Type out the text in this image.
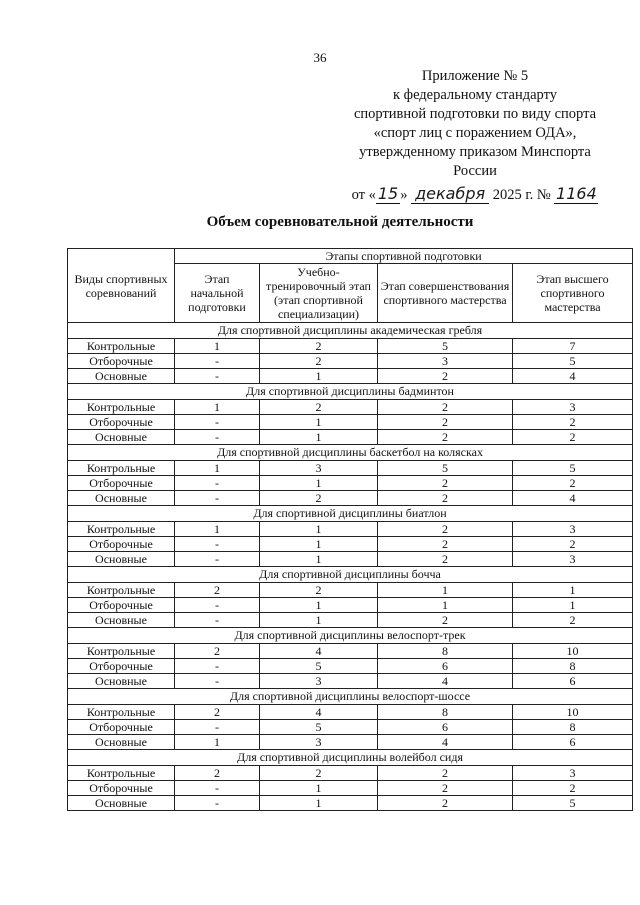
36
Приложение № 5
к федеральному стандарту
спортивной подготовки по виду спорта
«спорт лиц с поражением ОДА»,
утвержденному приказом Минспорта
России
от « 15 » декабря 2025 г. № 1164
Объем соревновательной деятельности
Виды спортивных соревнований	Этапы спортивной подготовки			
	Этап начальной подготовки	Учебно-тренировочный этап (этап спортивной специализации)	Этап совершенствования спортивного мастерства	Этап высшего спортивного мастерства
Для спортивной дисциплины академическая гребля				
Контрольные	1	2	5	7
Отборочные	-	2	3	5
Основные	-	1	2	4
Для спортивной дисциплины бадминтон				
Контрольные	1	2	2	3
Отборочные	-	1	2	2
Основные	-	1	2	2
Для спортивной дисциплины баскетбол на колясках				
Контрольные	1	3	5	5
Отборочные	-	1	2	2
Основные	-	2	2	4
Для спортивной дисциплины биатлон				
Контрольные	1	1	2	3
Отборочные	-	1	2	2
Основные	-	1	2	3
Для спортивной дисциплины бочча				
Контрольные	2	2	1	1
Отборочные	-	1	1	1
Основные	-	1	2	2
Для спортивной дисциплины велоспорт-трек				
Контрольные	2	4	8	10
Отборочные	-	5	6	8
Основные	-	3	4	6
Для спортивной дисциплины велоспорт-шоссе				
Контрольные	2	4	8	10
Отборочные	-	5	6	8
Основные	1	3	4	6
Для спортивной дисциплины волейбол сидя				
Контрольные	2	2	2	3
Отборочные	-	1	2	2
Основные	-	1	2	5
